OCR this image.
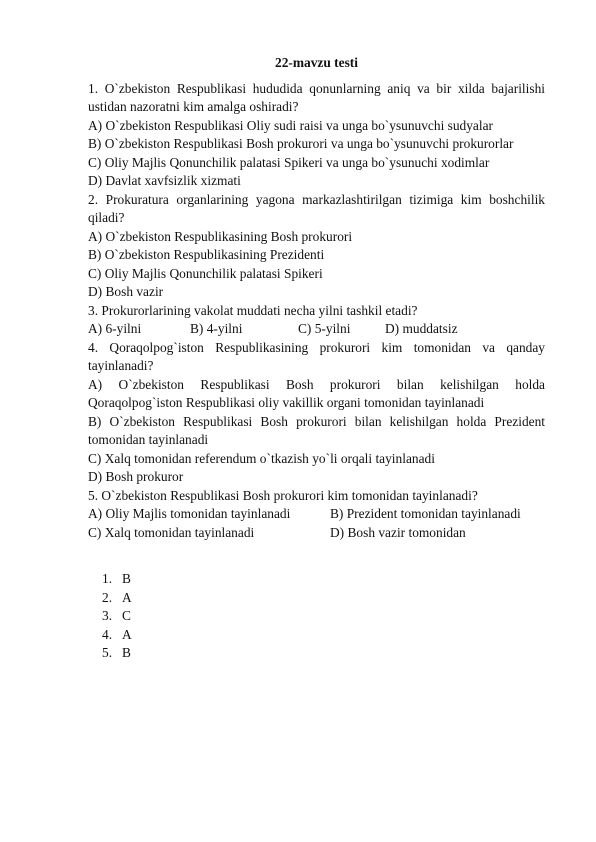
22-mavzu testi

1. O`zbekiston Respublikasi hududida qonunlarning aniq va bir xilda bajarilishi ustidan nazoratni kim amalga oshiradi?

A) O`zbekiston Respublikasi Oliy sudi raisi va unga bo`ysunuvchi sudyalar

B) O`zbekiston Respublikasi Bosh prokurori va unga bo`ysunuvchi prokurorlar

C) Oliy Majlis Qonunchilik palatasi Spikeri va unga bo`ysunuchi xodimlar

D) Davlat xavfsizlik xizmati

2. Prokuratura organlarining yagona markazlashtirilgan tizimiga kim boshchilik qiladi?

A) O`zbekiston Respublikasining Bosh prokurori

B) O`zbekiston Respublikasining Prezidenti

C) Oliy Majlis Qonunchilik palatasi Spikeri

D) Bosh vazir

3. Prokurorlarining vakolat muddati necha yilni tashkil etadi?

A) 6-yilni	B) 4-yilni	C) 5-yilni	D) muddatsiz

4. Qoraqolpog`iston Respublikasining prokurori kim tomonidan va qanday tayinlanadi?

A) O`zbekiston Respublikasi Bosh prokurori bilan kelishilgan holda Qoraqolpog`iston Respublikasi oliy vakillik organi tomonidan tayinlanadi

B) O`zbekiston Respublikasi Bosh prokurori bilan kelishilgan holda Prezident tomonidan tayinlanadi

C) Xalq tomonidan referendum o`tkazish yo`li orqali tayinlanadi

D) Bosh prokuror

5. O`zbekiston Respublikasi Bosh prokurori kim tomonidan tayinlanadi?

A) Oliy Majlis tomonidan tayinlanadi	B) Prezident tomonidan tayinlanadi
C) Xalq tomonidan tayinlanadi	D) Bosh vazir tomonidan
1. B
2. A
3. C
4. A
5. B
